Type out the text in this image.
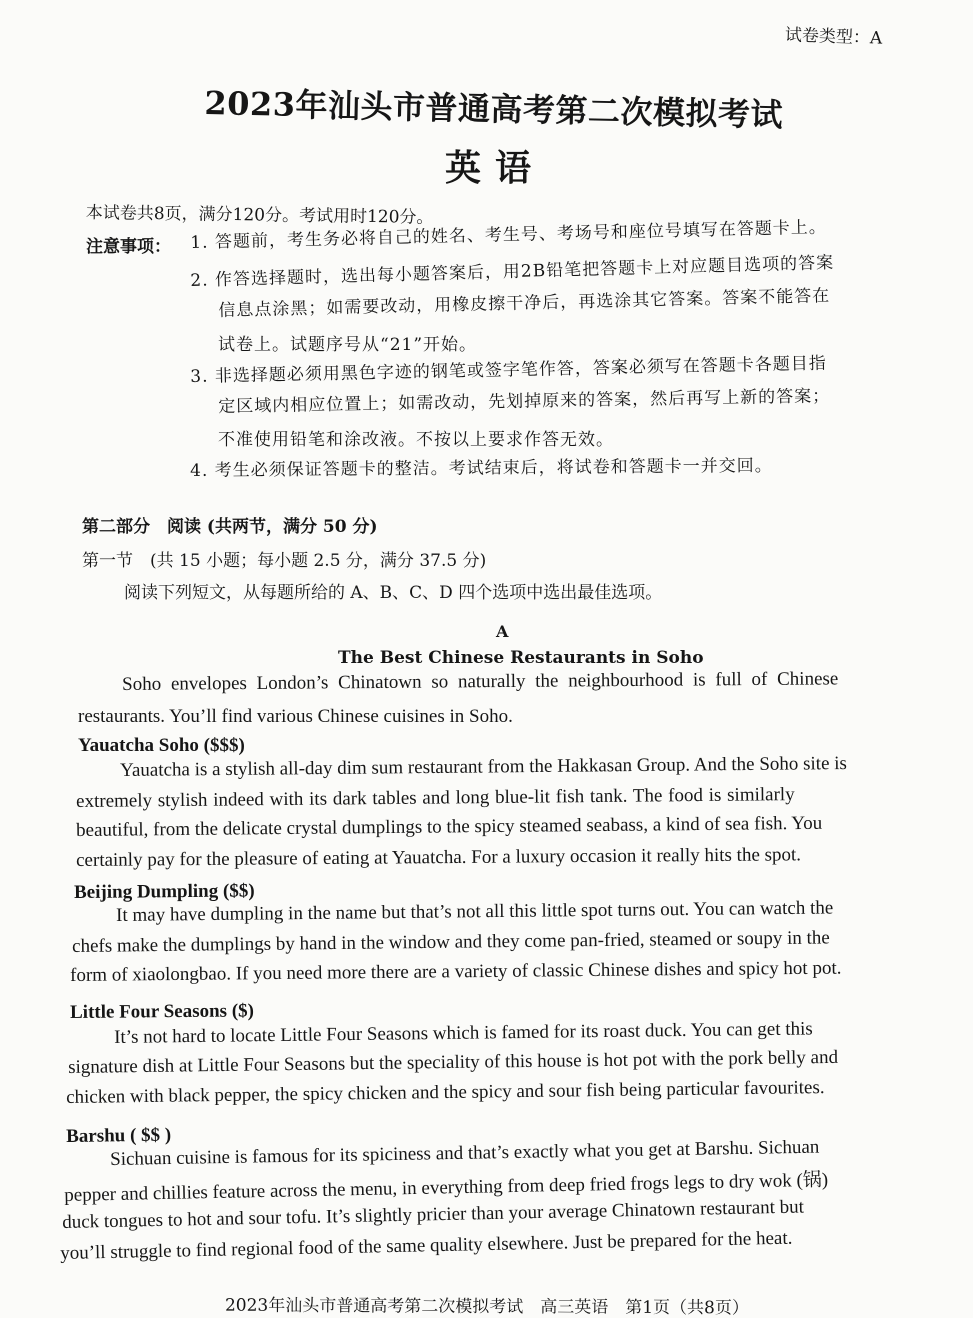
试卷类型：A
2023年汕头市普通高考第二次模拟考试
英语
本试卷共8页，满分120分。考试用时120分。
注意事项： 1. 答题前，考生务必将自己的姓名、考生号、考场号和座位号填写在答题卡上。
2. 作答选择题时，选出每小题答案后，用2B铅笔把答题卡上对应题目选项的答案
信息点涂黑；如需要改动，用橡皮擦干净后，再选涂其它答案。答案不能答在
试卷上。试题序号从“21”开始。
3. 非选择题必须用黑色字迹的钢笔或签字笔作答，答案必须写在答题卡各题目指
定区域内相应位置上；如需改动，先划掉原来的答案，然后再写上新的答案；
不准使用铅笔和涂改液。不按以上要求作答无效。
4. 考生必须保证答题卡的整洁。考试结束后，将试卷和答题卡一并交回。
第二部分　阅读 (共两节，满分 50 分)
第一节　(共 15 小题；每小题 2.5 分，满分 37.5 分)
阅读下列短文，从每题所给的 A、B、C、D 四个选项中选出最佳选项。
A
The Best Chinese Restaurants in Soho
Soho envelopes London’s Chinatown so naturally the neighbourhood is full of Chinese
restaurants. You’ll find various Chinese cuisines in Soho.
Yauatcha Soho ($$$)
Yauatcha is a stylish all-day dim sum restaurant from the Hakkasan Group. And the Soho site is
extremely stylish indeed with its dark tables and long blue-lit fish tank. The food is similarly
beautiful, from the delicate crystal dumplings to the spicy steamed seabass, a kind of sea fish. You
certainly pay for the pleasure of eating at Yauatcha. For a luxury occasion it really hits the spot.
Beijing Dumpling ($$)
It may have dumpling in the name but that’s not all this little spot turns out. You can watch the
chefs make the dumplings by hand in the window and they come pan-fried, steamed or soupy in the
form of xiaolongbao. If you need more there are a variety of classic Chinese dishes and spicy hot pot.
Little Four Seasons ($)
It’s not hard to locate Little Four Seasons which is famed for its roast duck. You can get this
signature dish at Little Four Seasons but the speciality of this house is hot pot with the pork belly and
chicken with black pepper, the spicy chicken and the spicy and sour fish being particular favourites.
Barshu ( $$ )
Sichuan cuisine is famous for its spiciness and that’s exactly what you get at Barshu. Sichuan
pepper and chillies feature across the menu, in everything from deep fried frogs legs to dry wok (锅)
duck tongues to hot and sour tofu. It’s slightly pricier than your average Chinatown restaurant but
you’ll struggle to find regional food of the same quality elsewhere. Just be prepared for the heat.
2023年汕头市普通高考第二次模拟考试　高三英语　第1页（共8页）
